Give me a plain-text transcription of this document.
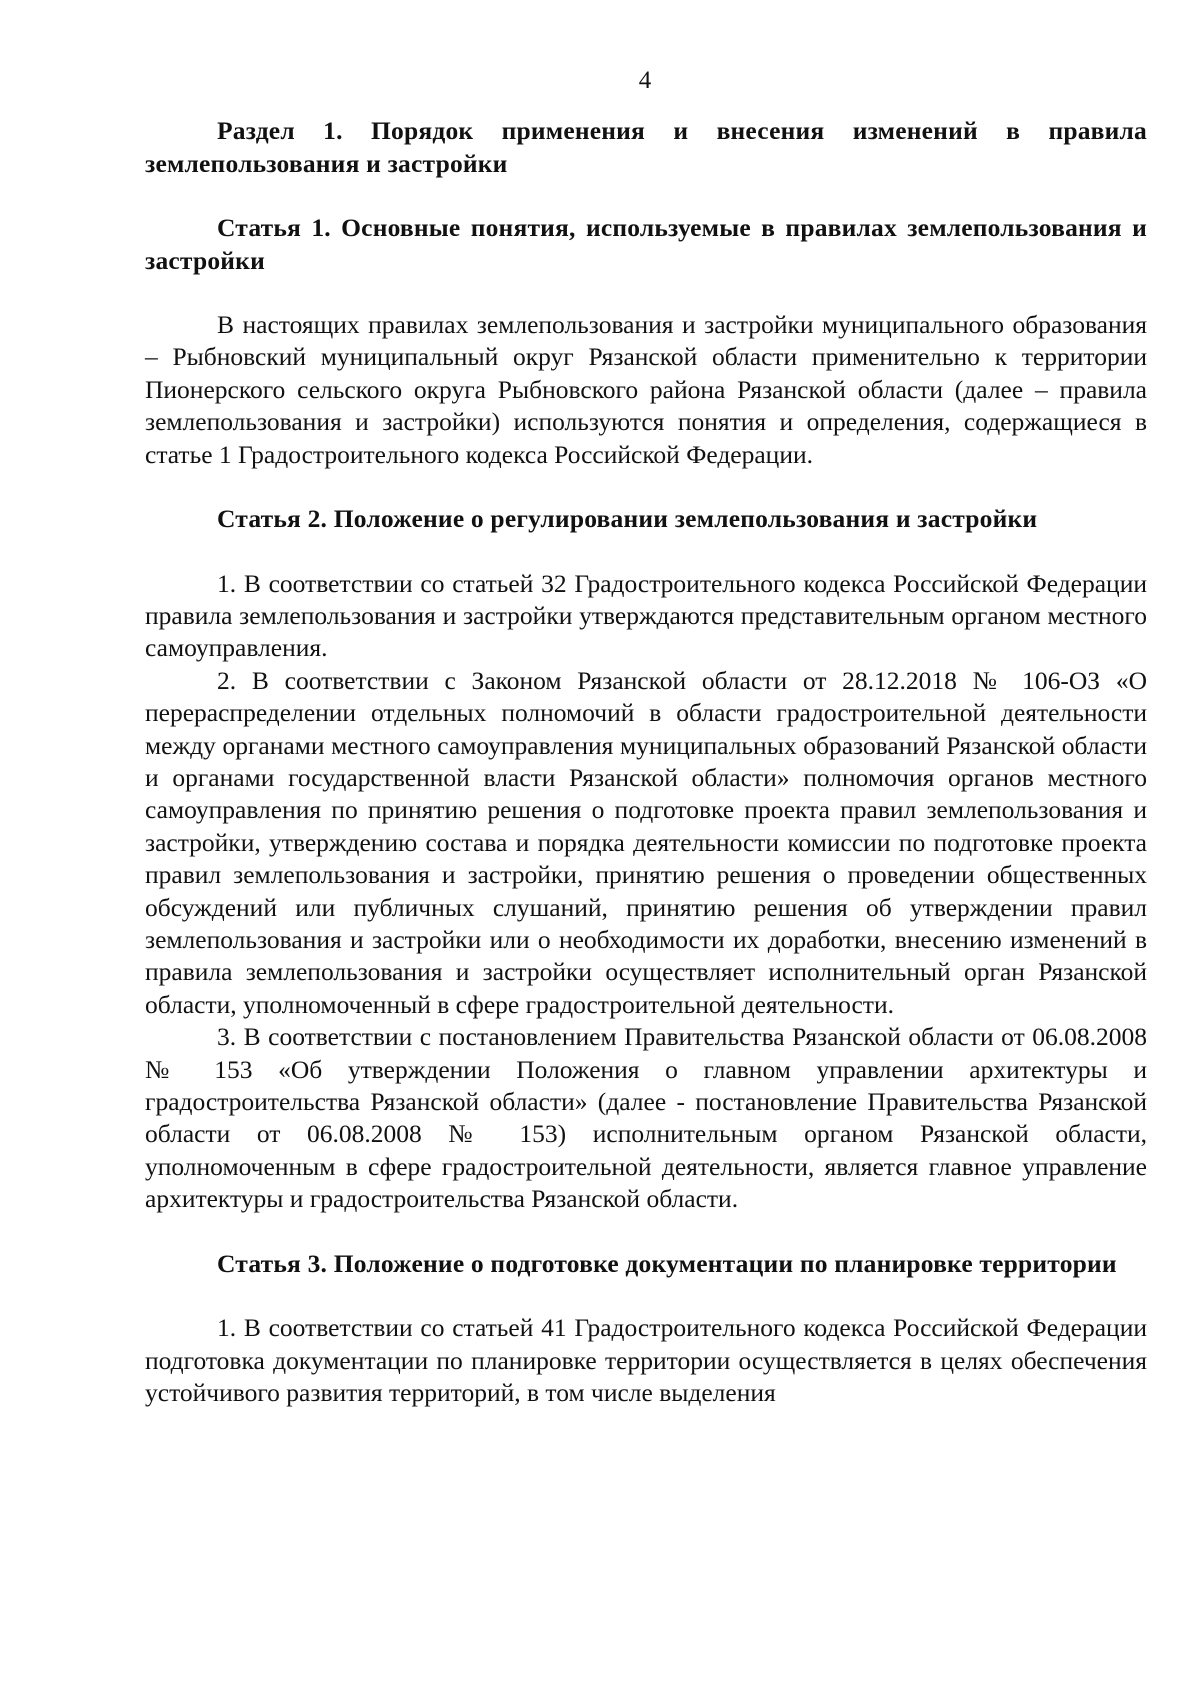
4

Раздел 1. Порядок применения и внесения изменений в правила землепользования и застройки

Статья 1. Основные понятия, используемые в правилах землепользования и застройки

В настоящих правилах землепользования и застройки муниципального образования – Рыбновский муниципальный округ Рязанской области применительно к территории Пионерского сельского округа Рыбновского района Рязанской области (далее – правила землепользования и застройки) используются понятия и определения, содержащиеся в статье 1 Градостроительного кодекса Российской Федерации.

Статья 2. Положение о регулировании землепользования и застройки

1. В соответствии со статьей 32 Градостроительного кодекса Российской Федерации правила землепользования и застройки утверждаются представительным органом местного самоуправления.

2. В соответствии с Законом Рязанской области от 28.12.2018 № 106-ОЗ «О перераспределении отдельных полномочий в области градостроительной деятельности между органами местного самоуправления муниципальных образований Рязанской области и органами государственной власти Рязанской области» полномочия органов местного самоуправления по принятию решения о подготовке проекта правил землепользования и застройки, утверждению состава и порядка деятельности комиссии по подготовке проекта правил землепользования и застройки, принятию решения о проведении общественных обсуждений или публичных слушаний, принятию решения об утверждении правил землепользования и застройки или о необходимости их доработки, внесению изменений в правила землепользования и застройки осуществляет исполнительный орган Рязанской области, уполномоченный в сфере градостроительной деятельности.

3. В соответствии с постановлением Правительства Рязанской области от 06.08.2008 № 153 «Об утверждении Положения о главном управлении архитектуры и градостроительства Рязанской области» (далее - постановление Правительства Рязанской области от 06.08.2008 № 153) исполнительным органом Рязанской области, уполномоченным в сфере градостроительной деятельности, является главное управление архитектуры и градостроительства Рязанской области.

Статья 3. Положение о подготовке документации по планировке территории

1. В соответствии со статьей 41 Градостроительного кодекса Российской Федерации подготовка документации по планировке территории осуществляется в целях обеспечения устойчивого развития территорий, в том числе выделения
